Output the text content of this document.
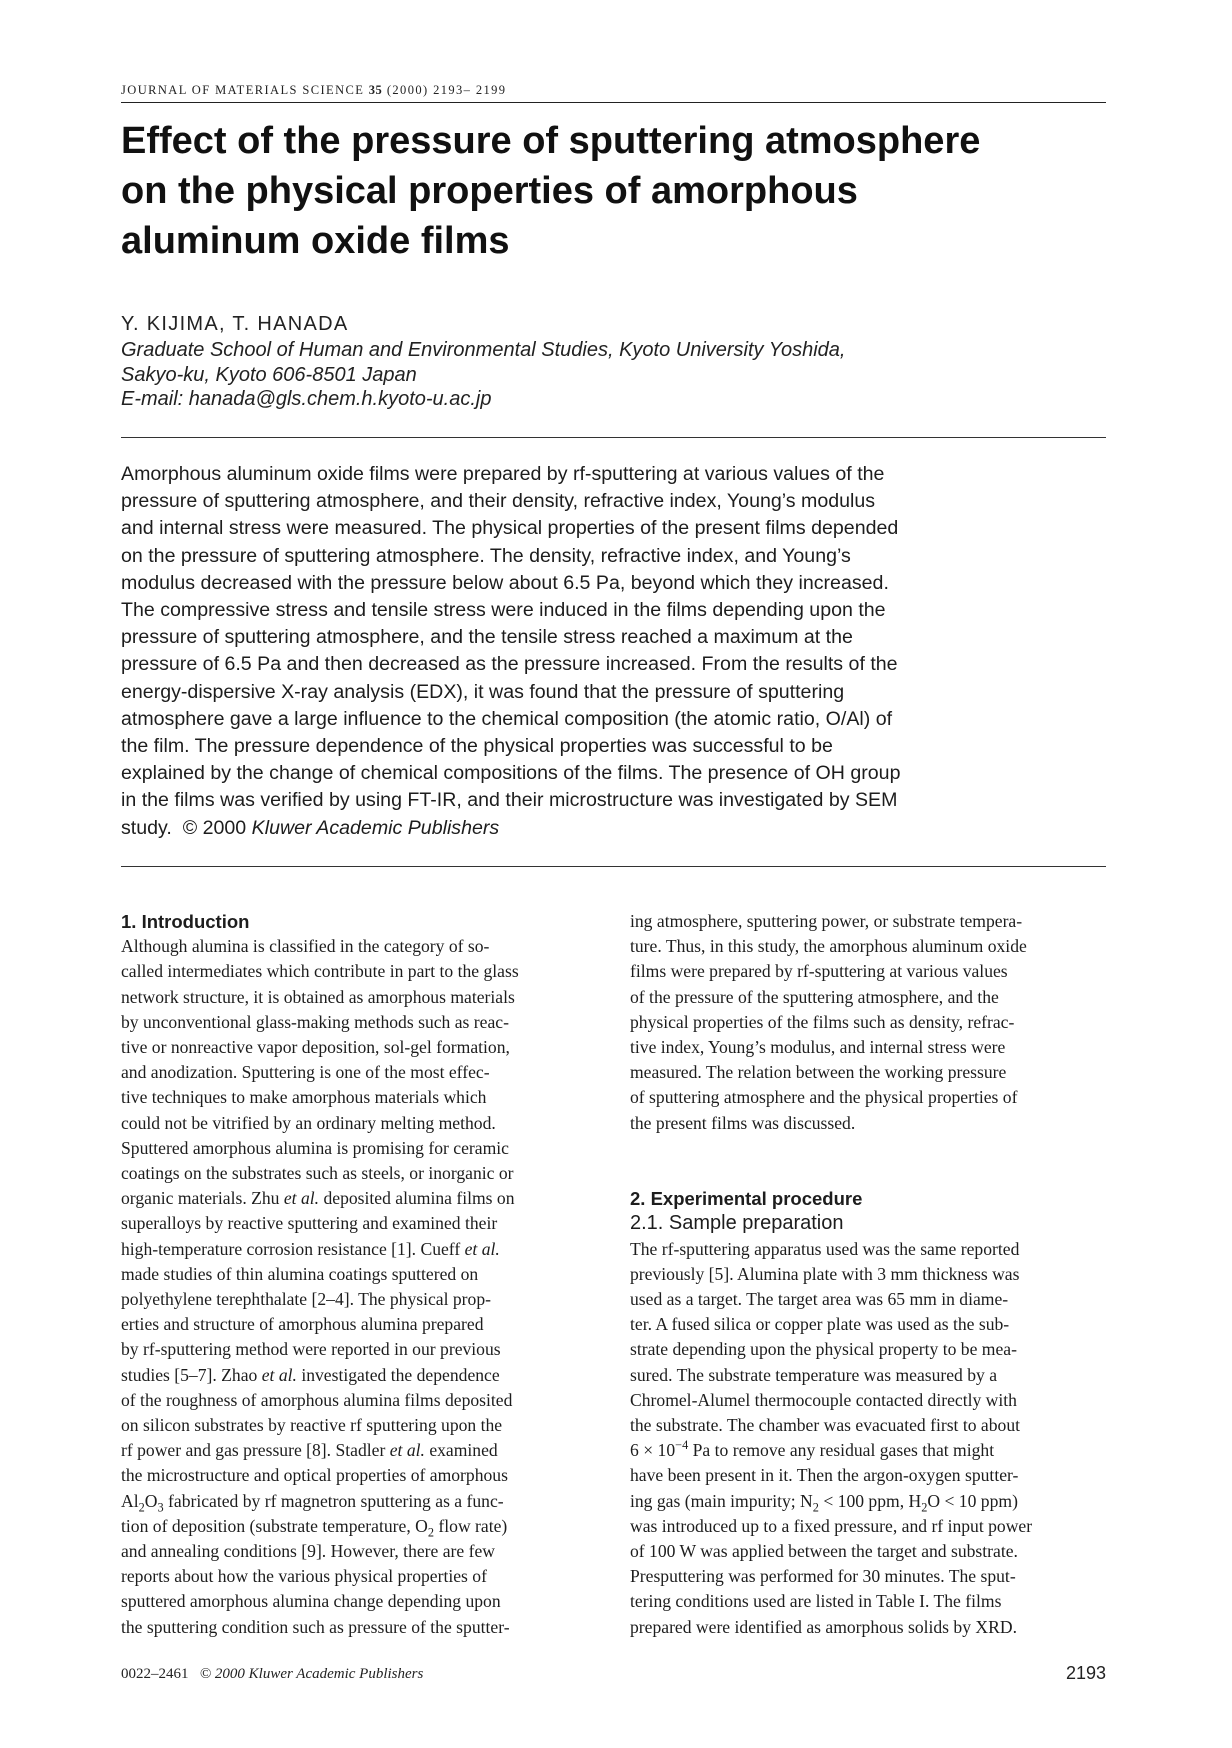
JOURNAL OF MATERIALS SCIENCE 35 (2000) 2193– 2199
Effect of the pressure of sputtering atmosphere
on the physical properties of amorphous
aluminum oxide films
Y. KIJIMA, T. HANADA
Graduate School of Human and Environmental Studies, Kyoto University Yoshida,
Sakyo-ku, Kyoto 606-8501 Japan
E-mail: hanada@gls.chem.h.kyoto-u.ac.jp
Amorphous aluminum oxide films were prepared by rf-sputtering at various values of the
pressure of sputtering atmosphere, and their density, refractive index, Young’s modulus
and internal stress were measured. The physical properties of the present films depended
on the pressure of sputtering atmosphere. The density, refractive index, and Young’s
modulus decreased with the pressure below about 6.5 Pa, beyond which they increased.
The compressive stress and tensile stress were induced in the films depending upon the
pressure of sputtering atmosphere, and the tensile stress reached a maximum at the
pressure of 6.5 Pa and then decreased as the pressure increased. From the results of the
energy-dispersive X-ray analysis (EDX), it was found that the pressure of sputtering
atmosphere gave a large influence to the chemical composition (the atomic ratio, O/Al) of
the film. The pressure dependence of the physical properties was successful to be
explained by the change of chemical compositions of the films. The presence of OH group
in the films was verified by using FT-IR, and their microstructure was investigated by SEM
study. © 2000 Kluwer Academic Publishers
1. Introduction
Although alumina is classified in the category of so-
called intermediates which contribute in part to the glass
network structure, it is obtained as amorphous materials
by unconventional glass-making methods such as reac-
tive or nonreactive vapor deposition, sol-gel formation,
and anodization. Sputtering is one of the most effec-
tive techniques to make amorphous materials which
could not be vitrified by an ordinary melting method.
Sputtered amorphous alumina is promising for ceramic
coatings on the substrates such as steels, or inorganic or
organic materials. Zhu et al. deposited alumina films on
superalloys by reactive sputtering and examined their
high-temperature corrosion resistance [1]. Cueff et al.
made studies of thin alumina coatings sputtered on
polyethylene terephthalate [2–4]. The physical prop-
erties and structure of amorphous alumina prepared
by rf-sputtering method were reported in our previous
studies [5–7]. Zhao et al. investigated the dependence
of the roughness of amorphous alumina films deposited
on silicon substrates by reactive rf sputtering upon the
rf power and gas pressure [8]. Stadler et al. examined
the microstructure and optical properties of amorphous
$Al_2O_3$ fabricated by rf magnetron sputtering as a func-
tion of deposition (substrate temperature, $O_2$ flow rate)
and annealing conditions [9]. However, there are few
reports about how the various physical properties of
sputtered amorphous alumina change depending upon
the sputtering condition such as pressure of the sputter-
ing atmosphere, sputtering power, or substrate tempera-
ture. Thus, in this study, the amorphous aluminum oxide
films were prepared by rf-sputtering at various values
of the pressure of the sputtering atmosphere, and the
physical properties of the films such as density, refrac-
tive index, Young’s modulus, and internal stress were
measured. The relation between the working pressure
of sputtering atmosphere and the physical properties of
the present films was discussed.
2. Experimental procedure
2.1. Sample preparation
The rf-sputtering apparatus used was the same reported
previously [5]. Alumina plate with 3 mm thickness was
used as a target. The target area was 65 mm in diame-
ter. A fused silica or copper plate was used as the sub-
strate depending upon the physical property to be mea-
sured. The substrate temperature was measured by a
Chromel-Alumel thermocouple contacted directly with
the substrate. The chamber was evacuated first to about
$6 \times 10^{-4}$ Pa to remove any residual gases that might
have been present in it. Then the argon-oxygen sputter-
ing gas (main impurity; $N_2 < 100$ ppm, $H_2O < 10$ ppm)
was introduced up to a fixed pressure, and rf input power
of 100 W was applied between the target and substrate.
Presputtering was performed for 30 minutes. The sput-
tering conditions used are listed in Table I. The films
prepared were identified as amorphous solids by XRD.
0022–2461 © 2000 Kluwer Academic Publishers	2193
